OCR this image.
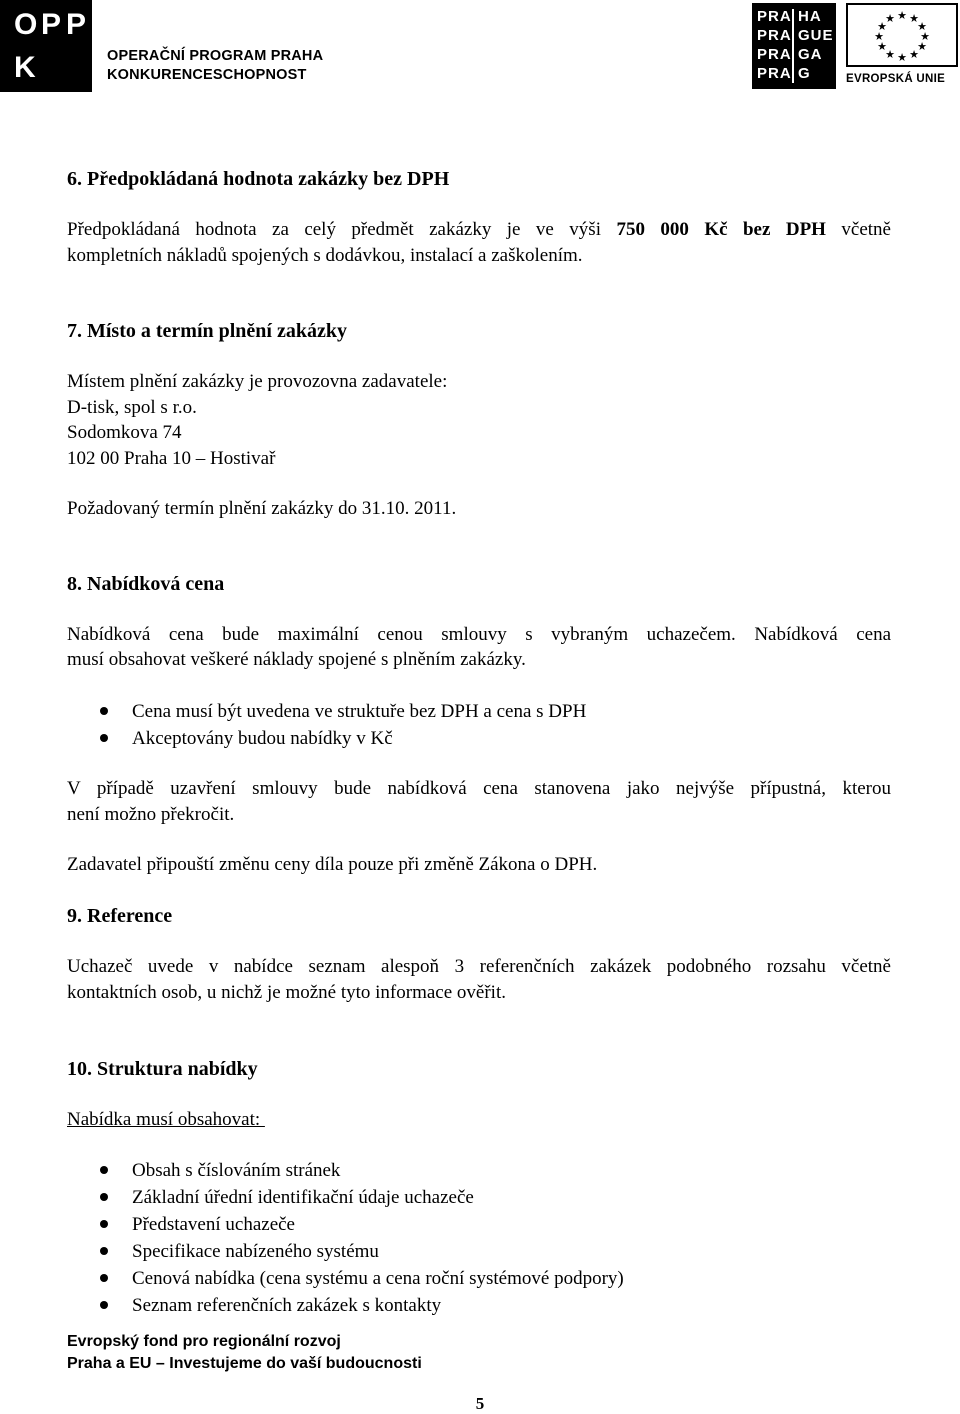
O P P
K	OPERAČNÍ PROGRAM PRAHA
KONKURENCESCHOPNOST
PRA HA
PRA GUE
PRA GA
PRA G
★ ★
★
★
★
★
★
★
★
★
★
★
EVROPSKÁ UNIE
6. Předpokládaná hodnota zakázky bez DPH
Předpokládaná hodnota za celý předmět zakázky je ve výši 750 000 Kč bez DPH včetně
kompletních nákladů spojených s dodávkou, instalací a zaškolením.
7. Místo a termín plnění zakázky
Místem plnění zakázky je provozovna zadavatele:
D-tisk, spol s r.o.
Sodomkova 74
102 00 Praha 10 – Hostivař
Požadovaný termín plnění zakázky do 31.10. 2011.
8. Nabídková cena
Nabídková cena bude maximální cenou smlouvy s vybraným uchazečem. Nabídková cena
musí obsahovat veškeré náklady spojené s plněním zakázky.
Cena musí být uvedena ve struktuře bez DPH a cena s DPH
Akceptovány budou nabídky v Kč
V případě uzavření smlouvy bude nabídková cena stanovena jako nejvýše přípustná, kterou
není možno překročit.
Zadavatel připouští změnu ceny díla pouze při změně Zákona o DPH.
9. Reference
Uchazeč uvede v nabídce seznam alespoň 3 referenčních zakázek podobného rozsahu včetně
kontaktních osob, u nichž je možné tyto informace ověřit.
10. Struktura nabídky
Nabídka musí obsahovat:
Obsah s číslováním stránek
Základní úřední identifikační údaje uchazeče
Představení uchazeče
Specifikace nabízeného systému
Cenová nabídka (cena systému a cena roční systémové podpory)
Seznam referenčních zakázek s kontakty
Evropský fond pro regionální rozvoj
Praha a EU – Investujeme do vaší budoucnosti
5
